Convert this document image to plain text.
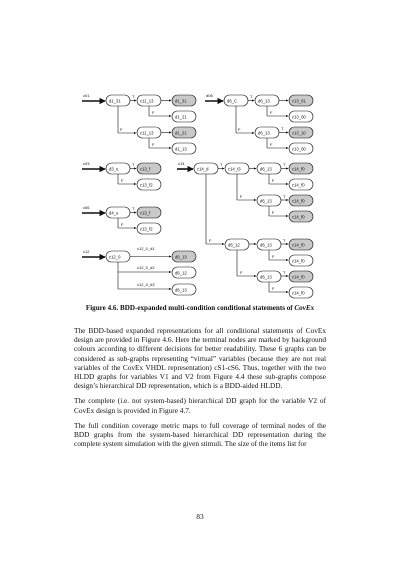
c01
d1_31	c11_13	d1_31
d1_21
c11_13	d1_21
d1_13
T
F
F
F
d06
d6_C	d6_13	c13_01
c13_00
d6_13	c13_10
c13_00
T
F
F	T
F
c03
d3_u	c13_f
c13_f2
T
F
c06
d4_u	c13_f
c13_f2
T
F
c12
c12_0
c12_0_d1
d6_13
c12_0_d2
d6_12
c12_0_d3
d6_13
c14
c14_d	c14_t3	d6_13	c14_f0
c14_f0
d6_13	c14_f0
c14_f0
d6_12	d6_13	c14_f0
c14_f0
d6_13	c14_f0
c14_f0
T	T
F
F	T
F
F	T
F
F	T
F
Figure 4.6. BDD-expanded multi-condition conditional statements of CovEx

The BDD-based expanded representations for all conditional statements of CovEx design are provided in Figure 4.6. Here the terminal nodes are marked by background colours according to different decisions for better readability. These 6 graphs can be considered as sub-graphs representing “virtual” variables (because they are not real variables of the CovEx VHDL representation) cS1-cS6. Thus, together with the two HLDD graphs for variables V1 and V2 from Figure 4.4 these sub-graphs compose design’s hierarchical DD representation, which is a BDD-aided HLDD.

The complete (i.e. not system-based) hierarchical DD graph for the variable V2 of CovEx design is provided in Figure 4.7.

The full condition coverage metric maps to full coverage of terminal nodes of the BDD graphs from the system-based hierarchical DD representation during the complete system simulation with the given stimuli. The size of the items list for

83
